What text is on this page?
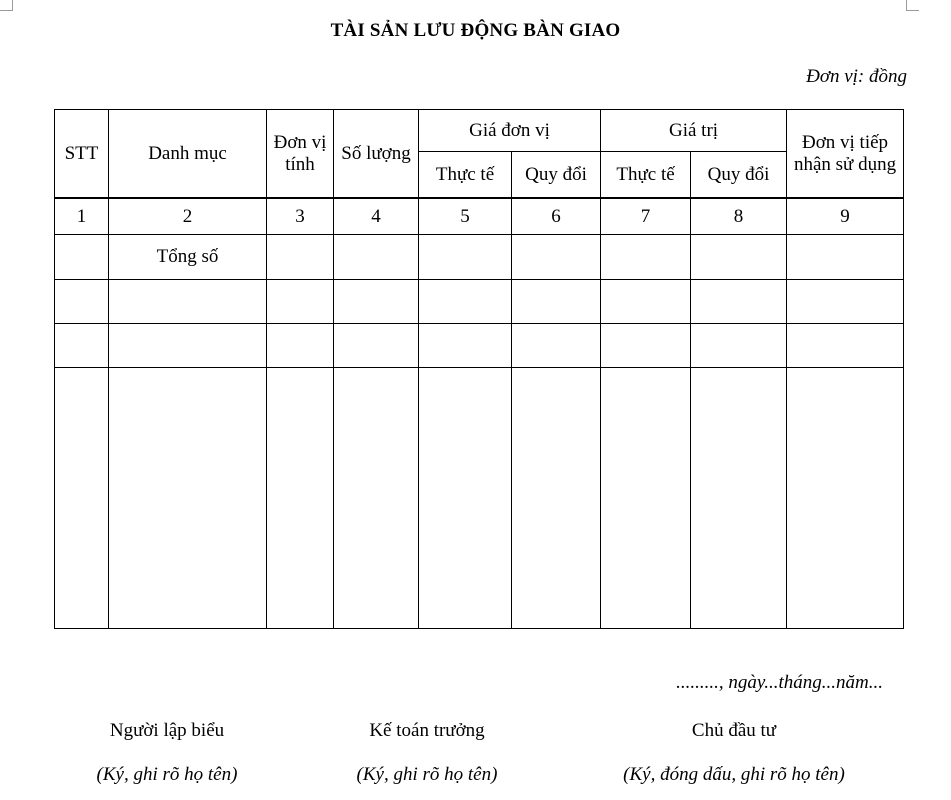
TÀI SẢN LƯU ĐỘNG BÀN GIAO
Đơn vị: đồng
STT	Danh mục	Đơn vị tính	Số lượng	Giá đơn vị		Giá trị		Đơn vị tiếp nhận sử dụng
				Thực tế	Quy đổi	Thực tế	Quy đổi	
1	2	3	4	5	6	7	8	9
	Tổng số							

........., ngày...tháng...năm...
Người lập biểu
(Ký, ghi rõ họ tên)
Kế toán trưởng
(Ký, ghi rõ họ tên)
Chủ đầu tư
(Ký, đóng dấu, ghi rõ họ tên)
